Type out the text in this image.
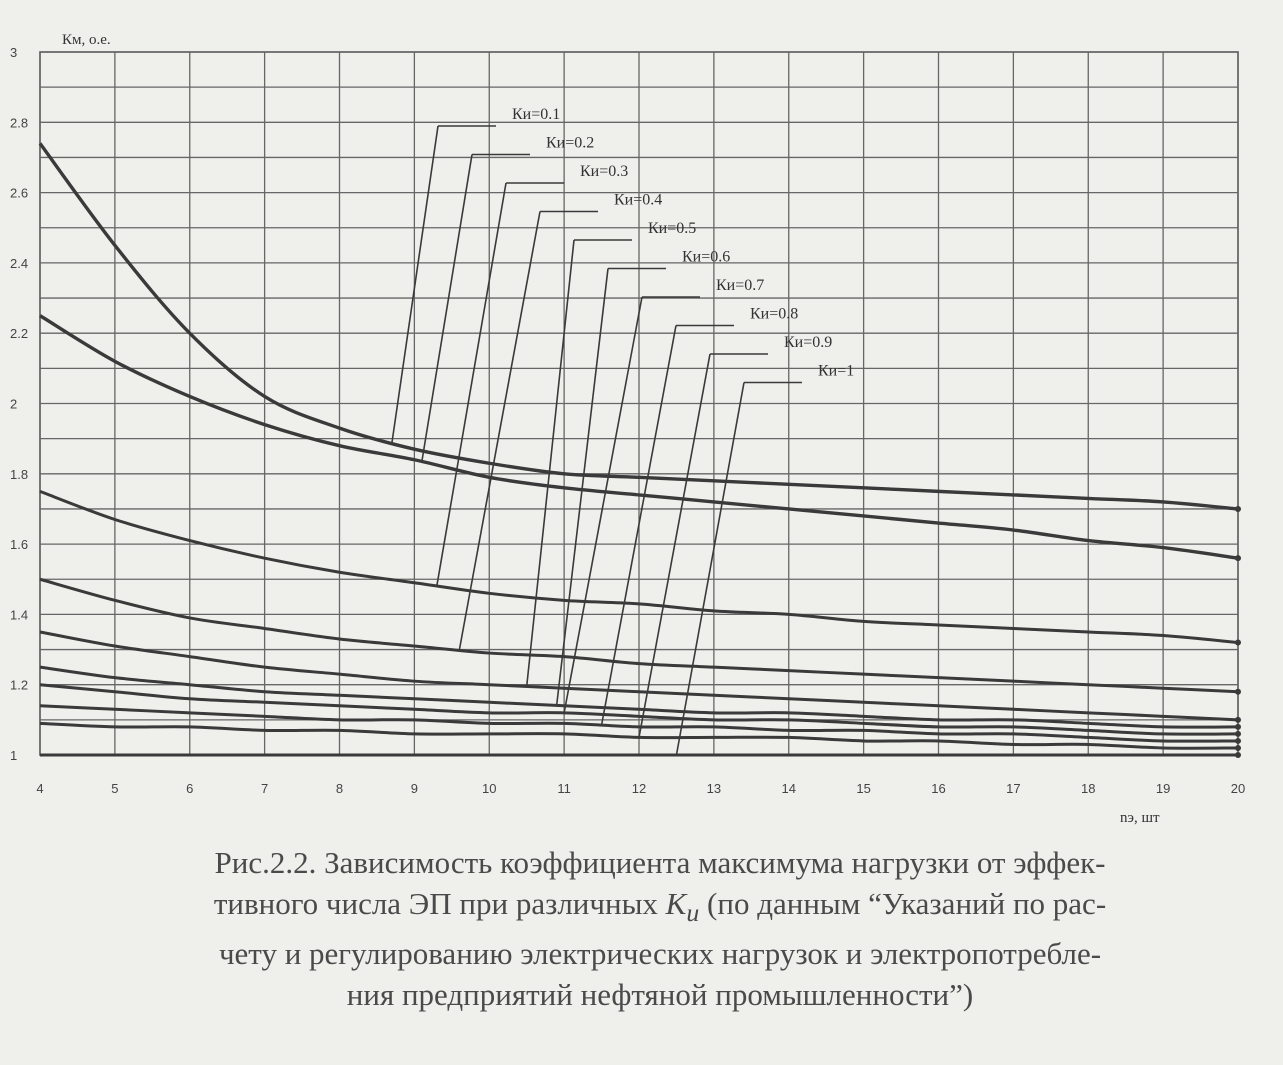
4	5	6	7	8	9	10	11	12	13	14	15	16	17	18	19	20
1
1.2
1.4
1.6
1.8
2
2.2
2.4
2.6
2.8
3
Ки=0.1
Ки=0.2
Ки=0.3
Ки=0.4
Ки=0.5
Ки=0.6
Ки=0.7
Ки=0.8
Ки=0.9
Ки=1
Км, о.е.
nэ, шт
Рис.2.2. Зависимость коэффициента максимума нагрузки от эффек-
тивного числа ЭП при различных $K_и$ (по данным “Указаний по рас-
чету и регулированию электрических нагрузок и электропотребле-
ния предприятий нефтяной промышленности”)
